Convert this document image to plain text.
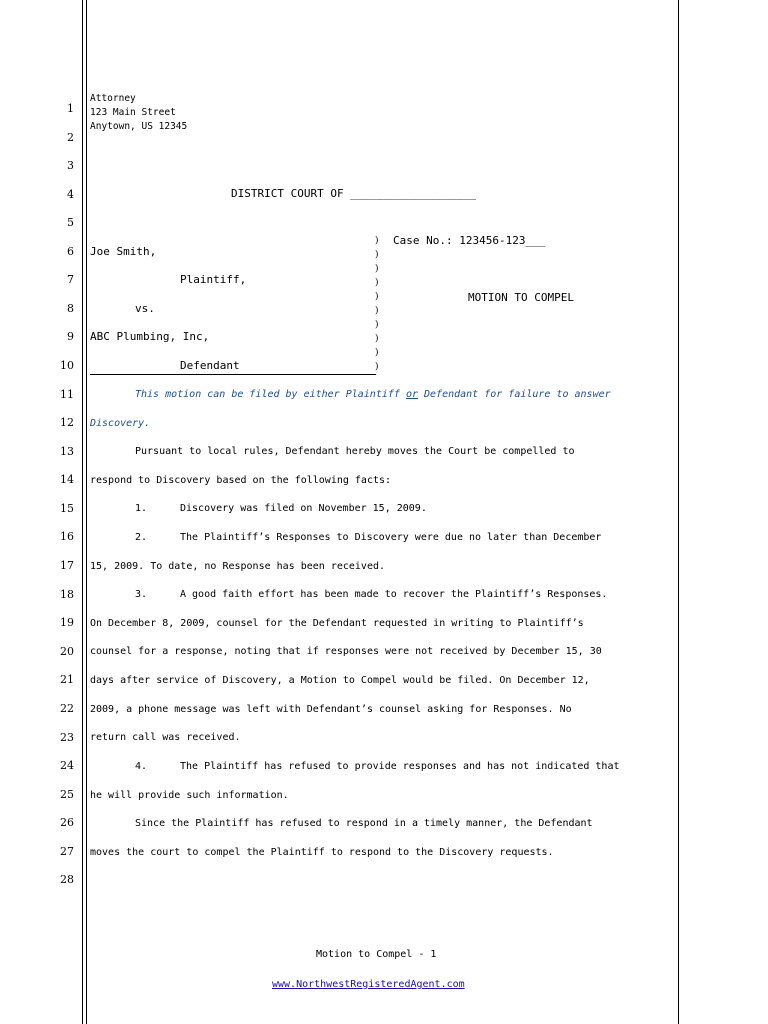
1
2
3
4
5
6
7
8
9
10
11
12
13
14
15
16
17
18
19
20
21
22
23
24
25
26
27
28
Attorney
123 Main Street
Anytown, US 12345
DISTRICT COURT OF ___________________
Joe Smith,
Plaintiff,
vs.
ABC Plumbing, Inc,
Defendant
)
)
)
)
)
)
)
)
)
)
Case No.: 123456-123___
MOTION TO COMPEL
This motion can be filed by either Plaintiff or Defendant for failure to answer
Discovery.
Pursuant to local rules, Defendant hereby moves the Court be compelled to
respond to Discovery based on the following facts:
1.	Discovery was filed on November 15, 2009.
2.	The Plaintiff’s Responses to Discovery were due no later than December
15, 2009. To date, no Response has been received.
3.	A good faith effort has been made to recover the Plaintiff’s Responses.
On December 8, 2009, counsel for the Defendant requested in writing to Plaintiff’s
counsel for a response, noting that if responses were not received by December 15, 30
days after service of Discovery, a Motion to Compel would be filed. On December 12,
2009, a phone message was left with Defendant’s counsel asking for Responses. No
return call was received.
4.	The Plaintiff has refused to provide responses and has not indicated that
he will provide such information.
Since the Plaintiff has refused to respond in a timely manner, the Defendant
moves the court to compel the Plaintiff to respond to the Discovery requests.
Motion to Compel - 1
www.NorthwestRegisteredAgent.com
